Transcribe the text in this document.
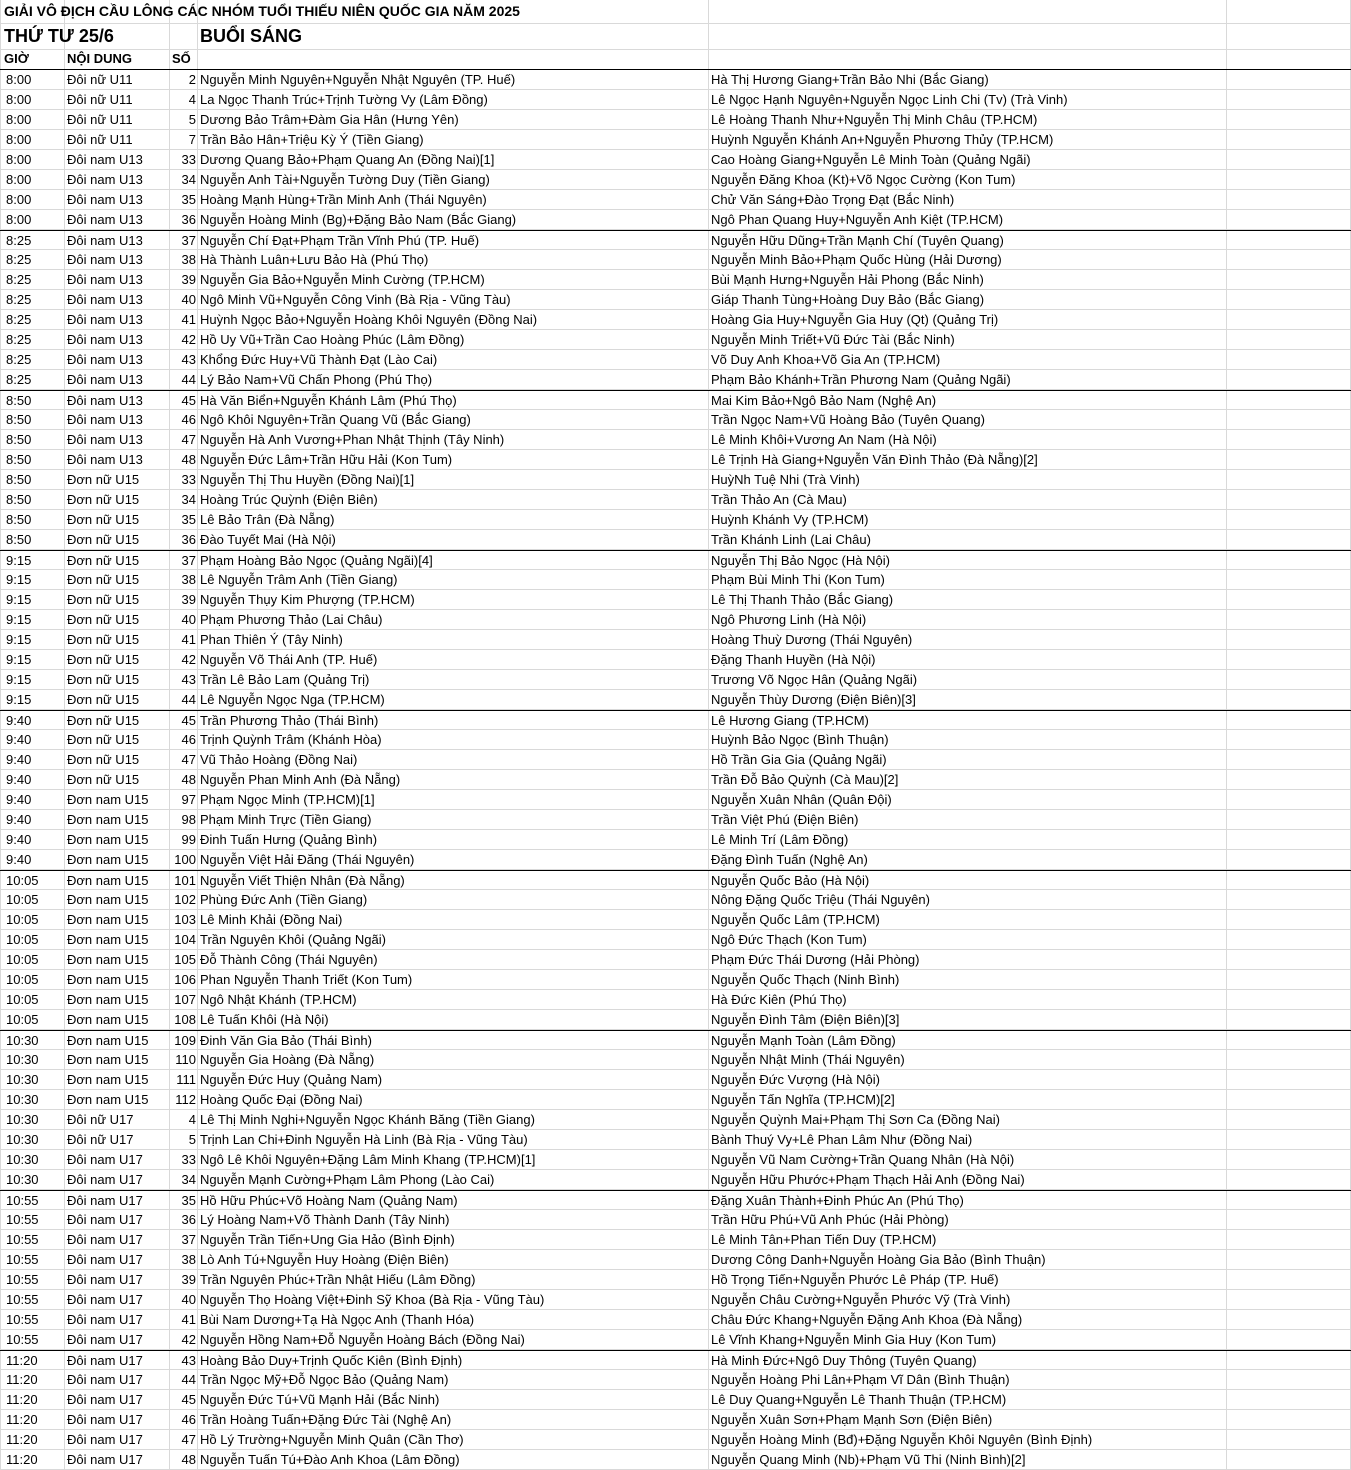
GIẢI VÔ ĐỊCH CẦU LÔNG CÁC NHÓM TUỔI THIẾU NIÊN QUỐC GIA NĂM 2025
THỨ TƯ 25/6	BUỔI SÁNG
GIỜ	NỘI DUNG	SỐ
8:00	Đôi nữ U11	2 Nguyễn Minh Nguyên+Nguyễn Nhật Nguyên (TP. Huế)	Hà Thị Hương Giang+Trần Bảo Nhi (Bắc Giang)
8:00	Đôi nữ U11	4 La Ngọc Thanh Trúc+Trịnh Tường Vy (Lâm Đồng)	Lê Ngọc Hạnh Nguyên+Nguyễn Ngọc Linh Chi (Tv) (Trà Vinh)
8:00	Đôi nữ U11	5 Dương Bảo Trâm+Đàm Gia Hân (Hưng Yên)	Lê Hoàng Thanh Như+Nguyễn Thị Minh Châu (TP.HCM)
8:00	Đôi nữ U11	7 Trần Bảo Hân+Triệu Kỳ Ý (Tiền Giang)	Huỳnh Nguyễn Khánh An+Nguyễn Phương Thủy (TP.HCM)
8:00	Đôi nam U13	33 Dương Quang Bảo+Phạm Quang An (Đồng Nai)[1]	Cao Hoàng Giang+Nguyễn Lê Minh Toàn (Quảng Ngãi)
8:00	Đôi nam U13	34 Nguyễn Anh Tài+Nguyễn Tường Duy (Tiền Giang)	Nguyễn Đăng Khoa (Kt)+Võ Ngọc Cường (Kon Tum)
8:00	Đôi nam U13	35 Hoàng Mạnh Hùng+Trần Minh Anh (Thái Nguyên)	Chử Văn Sáng+Đào Trọng Đạt (Bắc Ninh)
8:00	Đôi nam U13	36 Nguyễn Hoàng Minh (Bg)+Đặng Bảo Nam (Bắc Giang)	Ngô Phan Quang Huy+Nguyễn Anh Kiệt (TP.HCM)
8:25	Đôi nam U13	37 Nguyễn Chí Đạt+Phạm Trần Vĩnh Phú (TP. Huế)	Nguyễn Hữu Dũng+Trần Mạnh Chí (Tuyên Quang)
8:25	Đôi nam U13	38 Hà Thành Luân+Lưu Bảo Hà (Phú Thọ)	Nguyễn Minh Bảo+Phạm Quốc Hùng (Hải Dương)
8:25	Đôi nam U13	39 Nguyễn Gia Bảo+Nguyễn Minh Cường (TP.HCM)	Bùi Mạnh Hưng+Nguyễn Hải Phong (Bắc Ninh)
8:25	Đôi nam U13	40 Ngô Minh Vũ+Nguyễn Công Vinh (Bà Rịa - Vũng Tàu)	Giáp Thanh Tùng+Hoàng Duy Bảo (Bắc Giang)
8:25	Đôi nam U13	41 Huỳnh Ngọc Bảo+Nguyễn Hoàng Khôi Nguyên (Đồng Nai)	Hoàng Gia Huy+Nguyễn Gia Huy (Qt) (Quảng Trị)
8:25	Đôi nam U13	42 Hồ Uy Vũ+Trần Cao Hoàng Phúc (Lâm Đồng)	Nguyễn Minh Triết+Vũ Đức Tài (Bắc Ninh)
8:25	Đôi nam U13	43 Khổng Đức Huy+Vũ Thành Đạt (Lào Cai)	Võ Duy Anh Khoa+Võ Gia An (TP.HCM)
8:25	Đôi nam U13	44 Lý Bảo Nam+Vũ Chấn Phong (Phú Thọ)	Phạm Bảo Khánh+Trần Phương Nam (Quảng Ngãi)
8:50	Đôi nam U13	45 Hà Văn Biển+Nguyễn Khánh Lâm (Phú Thọ)	Mai Kim Bảo+Ngô Bảo Nam (Nghệ An)
8:50	Đôi nam U13	46 Ngô Khôi Nguyên+Trần Quang Vũ (Bắc Giang)	Trần Ngọc Nam+Vũ Hoàng Bảo (Tuyên Quang)
8:50	Đôi nam U13	47 Nguyễn Hà Anh Vương+Phan Nhật Thịnh (Tây Ninh)	Lê Minh Khôi+Vương An Nam (Hà Nội)
8:50	Đôi nam U13	48 Nguyễn Đức Lâm+Trần Hữu Hải (Kon Tum)	Lê Trịnh Hà Giang+Nguyễn Văn Đình Thảo (Đà Nẵng)[2]
8:50	Đơn nữ U15	33 Nguyễn Thị Thu Huyền (Đồng Nai)[1]	HuỳNh Tuệ Nhi (Trà Vinh)
8:50	Đơn nữ U15	34 Hoàng Trúc Quỳnh (Điện Biên)	Trần Thảo An (Cà Mau)
8:50	Đơn nữ U15	35 Lê Bảo Trân (Đà Nẵng)	Huỳnh Khánh Vy (TP.HCM)
8:50	Đơn nữ U15	36 Đào Tuyết Mai (Hà Nội)	Trần Khánh Linh (Lai Châu)
9:15	Đơn nữ U15	37 Phạm Hoàng Bảo Ngọc (Quảng Ngãi)[4]	Nguyễn Thị Bảo Ngọc (Hà Nội)
9:15	Đơn nữ U15	38 Lê Nguyễn Trâm Anh (Tiền Giang)	Phạm Bùi Minh Thi (Kon Tum)
9:15	Đơn nữ U15	39 Nguyễn Thụy Kim Phượng (TP.HCM)	Lê Thị Thanh Thảo (Bắc Giang)
9:15	Đơn nữ U15	40 Phạm Phương Thảo (Lai Châu)	Ngô Phương Linh (Hà Nội)
9:15	Đơn nữ U15	41 Phan Thiên Ý (Tây Ninh)	Hoàng Thuỳ Dương (Thái Nguyên)
9:15	Đơn nữ U15	42 Nguyễn Võ Thái Anh (TP. Huế)	Đặng Thanh Huyền (Hà Nội)
9:15	Đơn nữ U15	43 Trần Lê Bảo Lam (Quảng Trị)	Trương Võ Ngọc Hân (Quảng Ngãi)
9:15	Đơn nữ U15	44 Lê Nguyễn Ngọc Nga (TP.HCM)	Nguyễn Thùy Dương (Điện Biên)[3]
9:40	Đơn nữ U15	45 Trần Phương Thảo (Thái Bình)	Lê Hương Giang (TP.HCM)
9:40	Đơn nữ U15	46 Trịnh Quỳnh Trâm (Khánh Hòa)	Huỳnh Bảo Ngọc (Bình Thuận)
9:40	Đơn nữ U15	47 Vũ Thảo Hoàng (Đồng Nai)	Hồ Trần Gia Gia (Quảng Ngãi)
9:40	Đơn nữ U15	48 Nguyễn Phan Minh Anh (Đà Nẵng)	Trần Đỗ Bảo Quỳnh (Cà Mau)[2]
9:40	Đơn nam U15	97 Phạm Ngọc Minh (TP.HCM)[1]	Nguyễn Xuân Nhân (Quân Đội)
9:40	Đơn nam U15	98 Phạm Minh Trực (Tiền Giang)	Trần Việt Phú (Điện Biên)
9:40	Đơn nam U15	99 Đinh Tuấn Hưng (Quảng Bình)	Lê Minh Trí (Lâm Đồng)
9:40	Đơn nam U15	100 Nguyễn Việt Hải Đăng (Thái Nguyên)	Đặng Đình Tuấn (Nghệ An)
10:05	Đơn nam U15	101 Nguyễn Viết Thiện Nhân (Đà Nẵng)	Nguyễn Quốc Bảo (Hà Nội)
10:05	Đơn nam U15	102 Phùng Đức Anh (Tiền Giang)	Nông Đặng Quốc Triệu (Thái Nguyên)
10:05	Đơn nam U15	103 Lê Minh Khải (Đồng Nai)	Nguyễn Quốc Lâm (TP.HCM)
10:05	Đơn nam U15	104 Trần Nguyên Khôi (Quảng Ngãi)	Ngô Đức Thạch (Kon Tum)
10:05	Đơn nam U15	105 Đỗ Thành Công (Thái Nguyên)	Phạm Đức Thái Dương (Hải Phòng)
10:05	Đơn nam U15	106 Phan Nguyễn Thanh Triết (Kon Tum)	Nguyễn Quốc Thạch (Ninh Bình)
10:05	Đơn nam U15	107 Ngô Nhật Khánh (TP.HCM)	Hà Đức Kiên (Phú Thọ)
10:05	Đơn nam U15	108 Lê Tuấn Khôi (Hà Nội)	Nguyễn Đình Tâm (Điện Biên)[3]
10:30	Đơn nam U15	109 Đinh Văn Gia Bảo (Thái Bình)	Nguyễn Mạnh Toàn (Lâm Đồng)
10:30	Đơn nam U15	110 Nguyễn Gia Hoàng (Đà Nẵng)	Nguyễn Nhật Minh (Thái Nguyên)
10:30	Đơn nam U15	111 Nguyễn Đức Huy (Quảng Nam)	Nguyễn Đức Vượng (Hà Nội)
10:30	Đơn nam U15	112 Hoàng Quốc Đại (Đồng Nai)	Nguyễn Tấn Nghĩa (TP.HCM)[2]
10:30	Đôi nữ U17	4 Lê Thị Minh Nghi+Nguyễn Ngọc Khánh Băng (Tiền Giang)	Nguyễn Quỳnh Mai+Phạm Thị Sơn Ca (Đồng Nai)
10:30	Đôi nữ U17	5 Trịnh Lan Chi+Đinh Nguyễn Hà Linh (Bà Rịa - Vũng Tàu)	Bành Thuý Vy+Lê Phan Lâm Như (Đồng Nai)
10:30	Đôi nam U17	33 Ngô Lê Khôi Nguyên+Đặng Lâm Minh Khang (TP.HCM)[1]	Nguyễn Vũ Nam Cường+Trần Quang Nhân (Hà Nội)
10:30	Đôi nam U17	34 Nguyễn Mạnh Cường+Phạm Lâm Phong (Lào Cai)	Nguyễn Hữu Phước+Phạm Thạch Hải Anh (Đồng Nai)
10:55	Đôi nam U17	35 Hồ Hữu Phúc+Võ Hoàng Nam (Quảng Nam)	Đặng Xuân Thành+Đinh Phúc An (Phú Thọ)
10:55	Đôi nam U17	36 Lý Hoàng Nam+Võ Thành Danh (Tây Ninh)	Trần Hữu Phú+Vũ Anh Phúc (Hải Phòng)
10:55	Đôi nam U17	37 Nguyễn Trần Tiến+Ung Gia Hảo (Bình Định)	Lê Minh Tân+Phan Tiến Duy (TP.HCM)
10:55	Đôi nam U17	38 Lò Anh Tú+Nguyễn Huy Hoàng (Điện Biên)	Dương Công Danh+Nguyễn Hoàng Gia Bảo (Bình Thuận)
10:55	Đôi nam U17	39 Trần Nguyên Phúc+Trần Nhật Hiếu (Lâm Đồng)	Hồ Trọng Tiến+Nguyễn Phước Lê Pháp (TP. Huế)
10:55	Đôi nam U17	40 Nguyễn Thọ Hoàng Việt+Đinh Sỹ Khoa (Bà Rịa - Vũng Tàu)	Nguyễn Châu Cường+Nguyễn Phước Vỹ (Trà Vinh)
10:55	Đôi nam U17	41 Bùi Nam Dương+Tạ Hà Ngọc Anh (Thanh Hóa)	Châu Đức Khang+Nguyễn Đặng Anh Khoa (Đà Nẵng)
10:55	Đôi nam U17	42 Nguyễn Hồng Nam+Đỗ Nguyễn Hoàng Bách (Đồng Nai)	Lê Vĩnh Khang+Nguyễn Minh Gia Huy (Kon Tum)
11:20	Đôi nam U17	43 Hoàng Bảo Duy+Trịnh Quốc Kiên (Bình Định)	Hà Minh Đức+Ngô Duy Thông (Tuyên Quang)
11:20	Đôi nam U17	44 Trần Ngọc Mỹ+Đỗ Ngọc Bảo (Quảng Nam)	Nguyễn Hoàng Phi Lân+Phạm Vĩ Dân (Bình Thuận)
11:20	Đôi nam U17	45 Nguyễn Đức Tú+Vũ Mạnh Hải (Bắc Ninh)	Lê Duy Quang+Nguyễn Lê Thanh Thuận (TP.HCM)
11:20	Đôi nam U17	46 Trần Hoàng Tuấn+Đặng Đức Tài (Nghệ An)	Nguyễn Xuân Sơn+Phạm Mạnh Sơn (Điện Biên)
11:20	Đôi nam U17	47 Hồ Lý Trường+Nguyễn Minh Quân (Cần Thơ)	Nguyễn Hoàng Minh (Bđ)+Đặng Nguyễn Khôi Nguyên (Bình Định)
11:20	Đôi nam U17	48 Nguyễn Tuấn Tú+Đào Anh Khoa (Lâm Đồng)	Nguyễn Quang Minh (Nb)+Phạm Vũ Thi (Ninh Bình)[2]
